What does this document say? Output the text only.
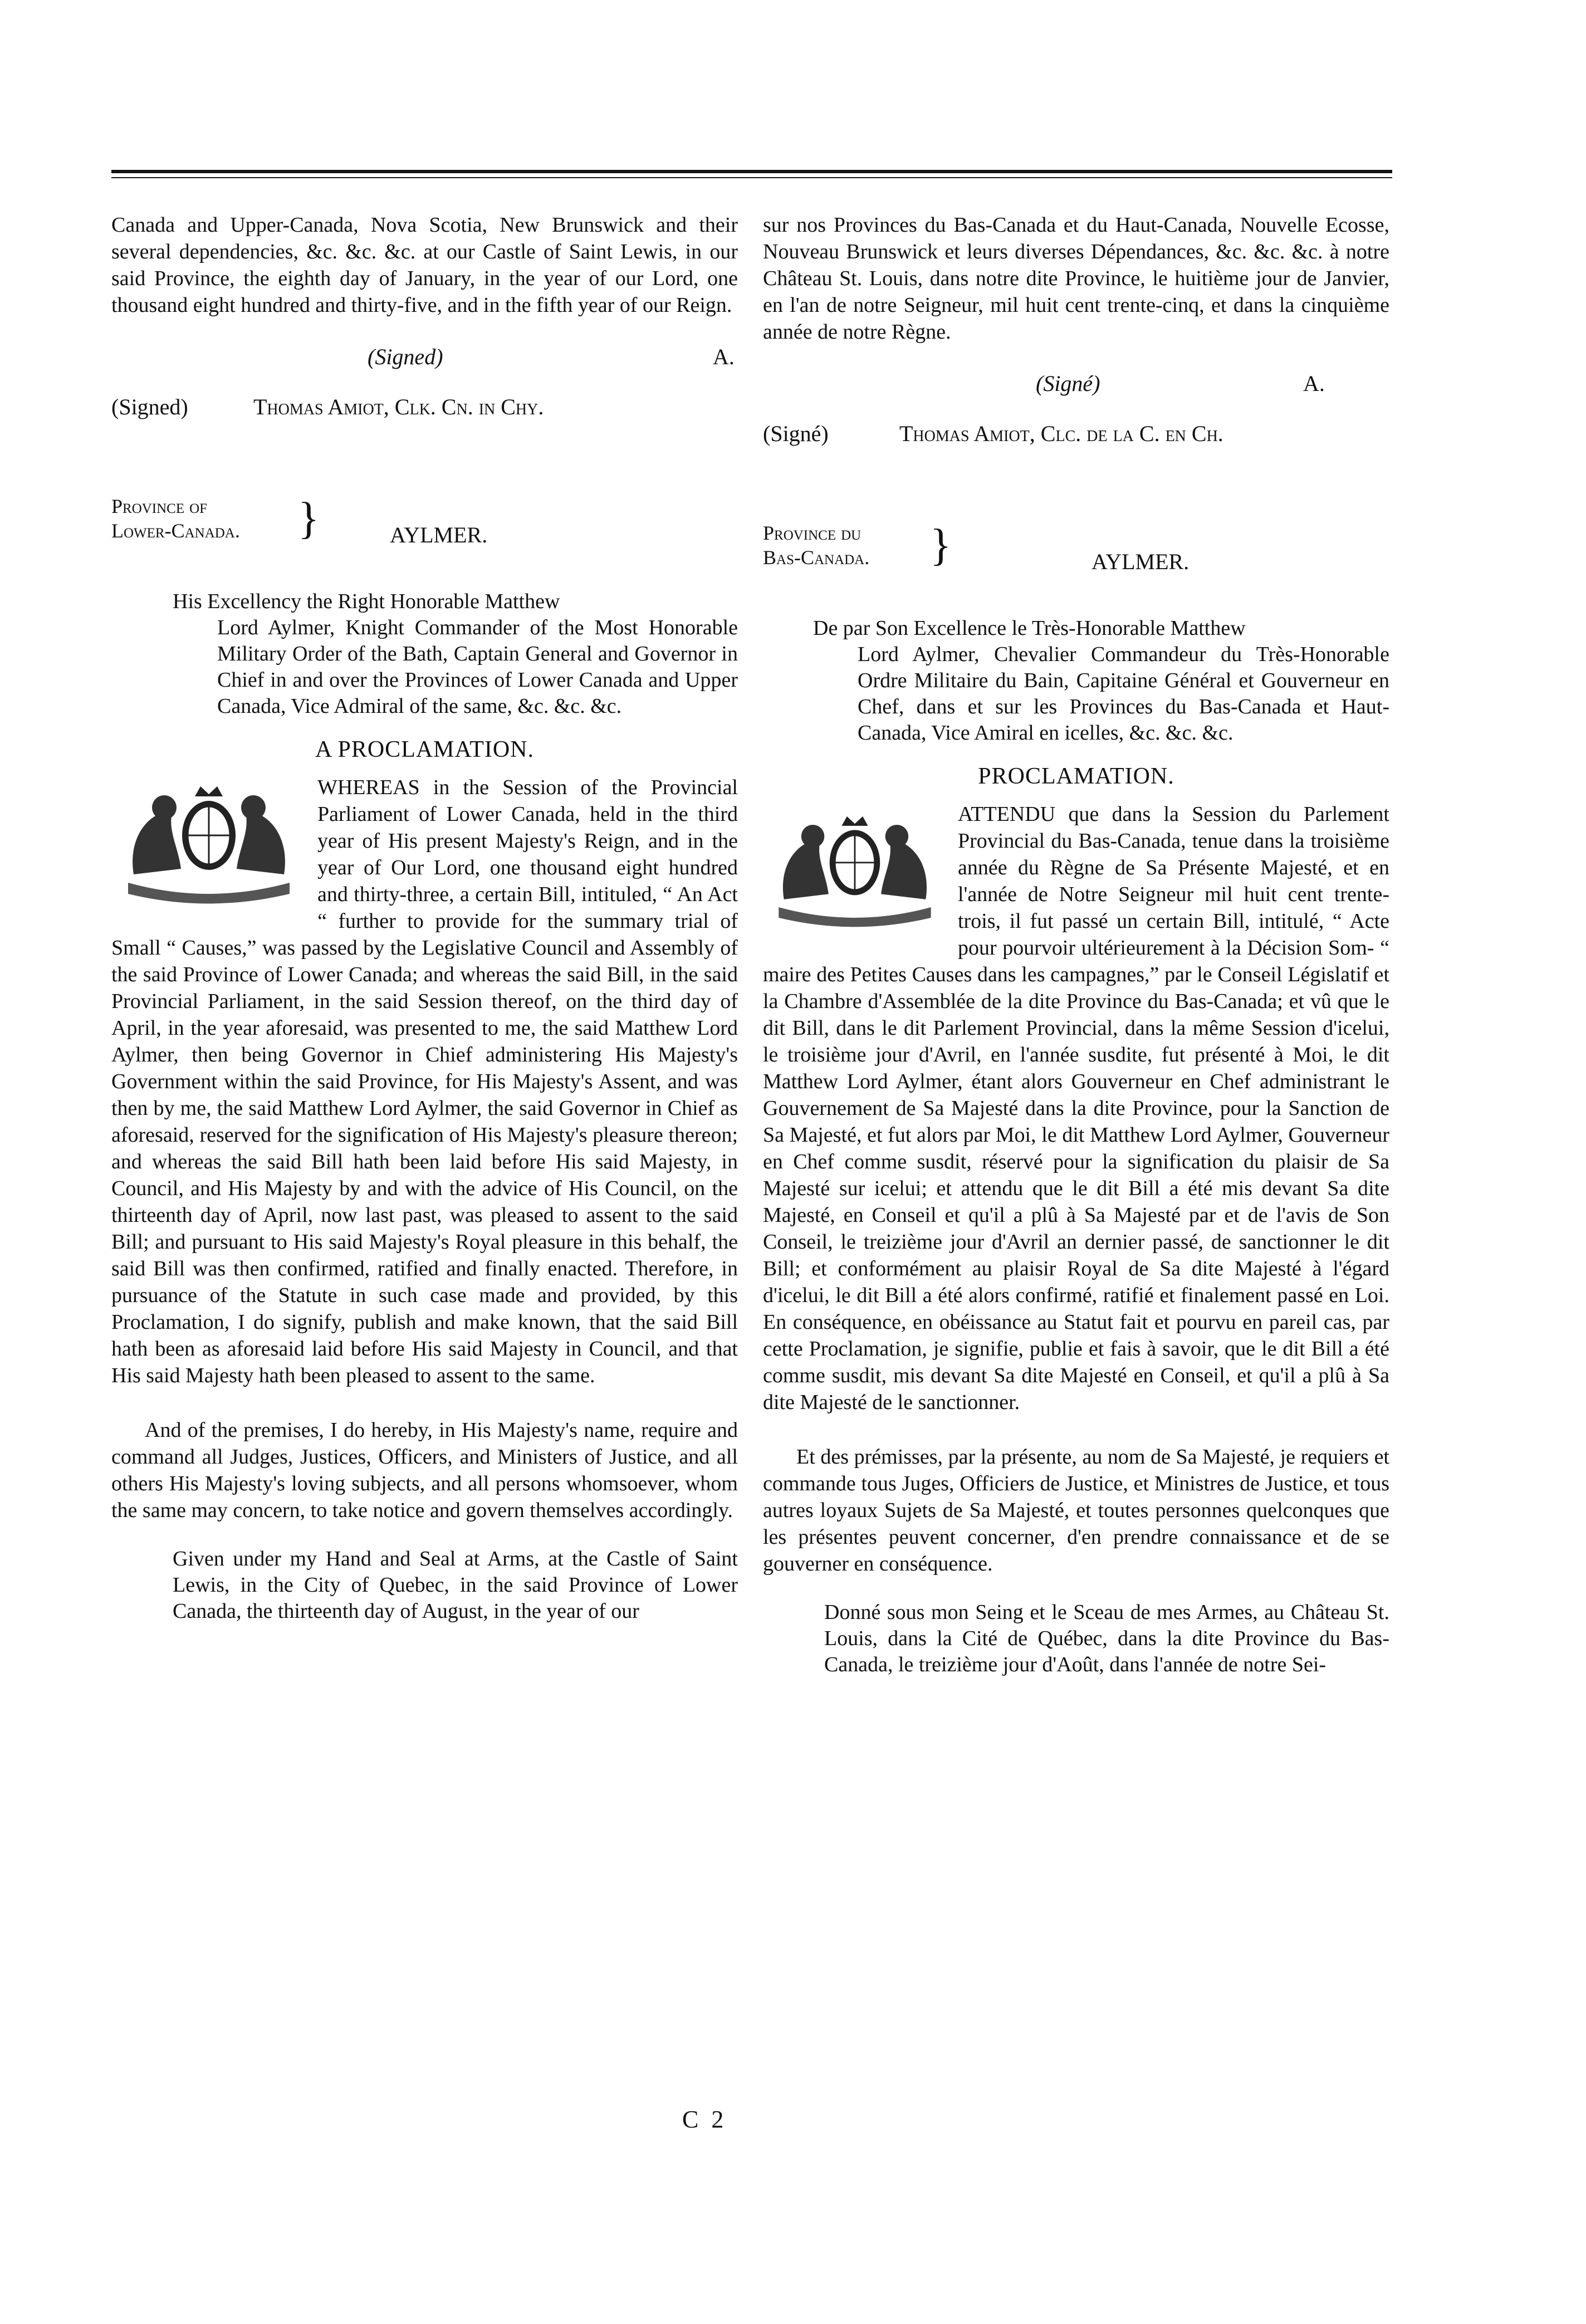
Canada and Upper-Canada, Nova Scotia, New Brunswick and their several dependencies, &c. &c. &c. at our Castle of Saint Lewis, in our said Province, the eighth day of January, in the year of our Lord, one thousand eight hundred and thirty-five, and in the fifth year of our Reign.

(Signed)	A.
(Signed)	Thomas Amiot, Clk. Cn. in Chy.
Province of
Lower-Canada. }	AYLMER.
His Excellency the Right Honorable Matthew
Lord Aylmer, Knight Commander of the Most Honorable Military Order of the Bath, Captain General and Governor in Chief in and over the Provinces of Lower Canada and Upper Canada, Vice Admiral of the same, &c. &c. &c.
A PROCLAMATION.

WHEREAS in the Session of the Provincial Parliament of Lower Canada, held in the third year of His present Majesty's Reign, and in the year of Our Lord, one thousand eight hundred and thirty-three, a certain Bill, intituled, “ An Act “ further to provide for the summary trial of Small “ Causes,” was passed by the Legislative Council and Assembly of the said Province of Lower Canada; and whereas the said Bill, in the said Provincial Parliament, in the said Session thereof, on the third day of April, in the year aforesaid, was presented to me, the said Matthew Lord Aylmer, then being Governor in Chief administering His Majesty's Government within the said Province, for His Majesty's Assent, and was then by me, the said Matthew Lord Aylmer, the said Governor in Chief as aforesaid, reserved for the signification of His Majesty's pleasure thereon; and whereas the said Bill hath been laid before His said Majesty, in Council, and His Majesty by and with the advice of His Council, on the thirteenth day of April, now last past, was pleased to assent to the said Bill; and pursuant to His said Majesty's Royal pleasure in this behalf, the said Bill was then confirmed, ratified and finally enacted. Therefore, in pursuance of the Statute in such case made and provided, by this Proclamation, I do signify, publish and make known, that the said Bill hath been as aforesaid laid before His said Majesty in Council, and that His said Majesty hath been pleased to assent to the same.

And of the premises, I do hereby, in His Majesty's name, require and command all Judges, Justices, Officers, and Ministers of Justice, and all others His Majesty's loving subjects, and all persons whomsoever, whom the same may concern, to take notice and govern themselves accordingly.

Given under my Hand and Seal at Arms, at the Castle of Saint Lewis, in the City of Quebec, in the said Province of Lower Canada, the thirteenth day of August, in the year of our

sur nos Provinces du Bas-Canada et du Haut-Canada, Nouvelle Ecosse, Nouveau Brunswick et leurs diverses Dépendances, &c. &c. &c. à notre Château St. Louis, dans notre dite Province, le huitième jour de Janvier, en l'an de notre Seigneur, mil huit cent trente-cinq, et dans la cinquième année de notre Règne.

(Signé)	A.
(Signé)	Thomas Amiot, Clc. de la C. en Ch.
Province du
Bas-Canada. }	AYLMER.
De par Son Excellence le Très-Honorable Matthew
Lord Aylmer, Chevalier Commandeur du Très-Honorable Ordre Militaire du Bain, Capitaine Général et Gouverneur en Chef, dans et sur les Provinces du Bas-Canada et Haut-Canada, Vice Amiral en icelles, &c. &c. &c.
PROCLAMATION.

ATTENDU que dans la Session du Parlement Provincial du Bas-Canada, tenue dans la troisième année du Règne de Sa Présente Majesté, et en l'année de Notre Seigneur mil huit cent trente-trois, il fut passé un certain Bill, intitulé, “ Acte pour pourvoir ultérieurement à la Décision Som- “ maire des Petites Causes dans les campagnes,” par le Conseil Législatif et la Chambre d'Assemblée de la dite Province du Bas-Canada; et vû que le dit Bill, dans le dit Parlement Provincial, dans la même Session d'icelui, le troisième jour d'Avril, en l'année susdite, fut présenté à Moi, le dit Matthew Lord Aylmer, étant alors Gouverneur en Chef administrant le Gouvernement de Sa Majesté dans la dite Province, pour la Sanction de Sa Majesté, et fut alors par Moi, le dit Matthew Lord Aylmer, Gouverneur en Chef comme susdit, réservé pour la signification du plaisir de Sa Majesté sur icelui; et attendu que le dit Bill a été mis devant Sa dite Majesté, en Conseil et qu'il a plû à Sa Majesté par et de l'avis de Son Conseil, le treizième jour d'Avril an dernier passé, de sanctionner le dit Bill; et conformément au plaisir Royal de Sa dite Majesté à l'égard d'icelui, le dit Bill a été alors confirmé, ratifié et finalement passé en Loi. En conséquence, en obéissance au Statut fait et pourvu en pareil cas, par cette Proclamation, je signifie, publie et fais à savoir, que le dit Bill a été comme susdit, mis devant Sa dite Majesté en Conseil, et qu'il a plû à Sa dite Majesté de le sanctionner.

Et des prémisses, par la présente, au nom de Sa Majesté, je requiers et commande tous Juges, Officiers de Justice, et Ministres de Justice, et tous autres loyaux Sujets de Sa Majesté, et toutes personnes quelconques que les présentes peuvent concerner, d'en prendre connaissance et de se gouverner en conséquence.

Donné sous mon Seing et le Sceau de mes Armes, au Château St. Louis, dans la Cité de Québec, dans la dite Province du Bas-Canada, le treizième jour d'Août, dans l'année de notre Sei-

C 2
